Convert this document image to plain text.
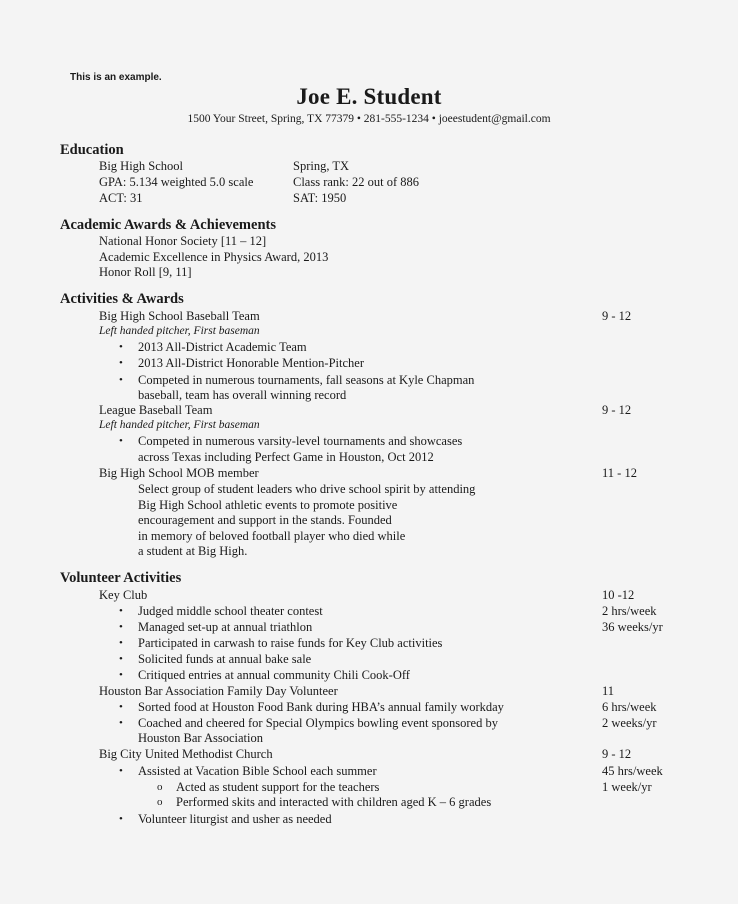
This is an example.
Joe E. Student
1500 Your Street, Spring, TX 77379 • 281-555-1234 • joeestudent@gmail.com
Education
Big High School	Spring, TX
GPA: 5.134 weighted 5.0 scale	Class rank: 22 out of 886
ACT: 31	SAT: 1950
Academic Awards & Achievements
National Honor Society [11 – 12]
Academic Excellence in Physics Award, 2013
Honor Roll [9, 11]
Activities & Awards
Big High School Baseball Team	9 - 12
Left handed pitcher, First baseman
• 2013 All-District Academic Team
• 2013 All-District Honorable Mention-Pitcher
• Competed in numerous tournaments, fall seasons at Kyle Chapman
baseball, team has overall winning record
League Baseball Team	9 - 12
Left handed pitcher, First baseman
• Competed in numerous varsity-level tournaments and showcases
across Texas including Perfect Game in Houston, Oct 2012
Big High School MOB member	11 - 12
Select group of student leaders who drive school spirit by attending
Big High School athletic events to promote positive
encouragement and support in the stands. Founded
in memory of beloved football player who died while
a student at Big High.
Volunteer Activities
Key Club	10 -12
• Judged middle school theater contest	2 hrs/week
• Managed set-up at annual triathlon	36 weeks/yr
• Participated in carwash to raise funds for Key Club activities
• Solicited funds at annual bake sale
• Critiqued entries at annual community Chili Cook-Off
Houston Bar Association Family Day Volunteer	11
• Sorted food at Houston Food Bank during HBA’s annual family workday	6 hrs/week
• Coached and cheered for Special Olympics bowling event sponsored by	2 weeks/yr
Houston Bar Association
Big City United Methodist Church	9 - 12
• Assisted at Vacation Bible School each summer	45 hrs/week
o Acted as student support for the teachers	1 week/yr
o Performed skits and interacted with children aged K – 6 grades
• Volunteer liturgist and usher as needed
